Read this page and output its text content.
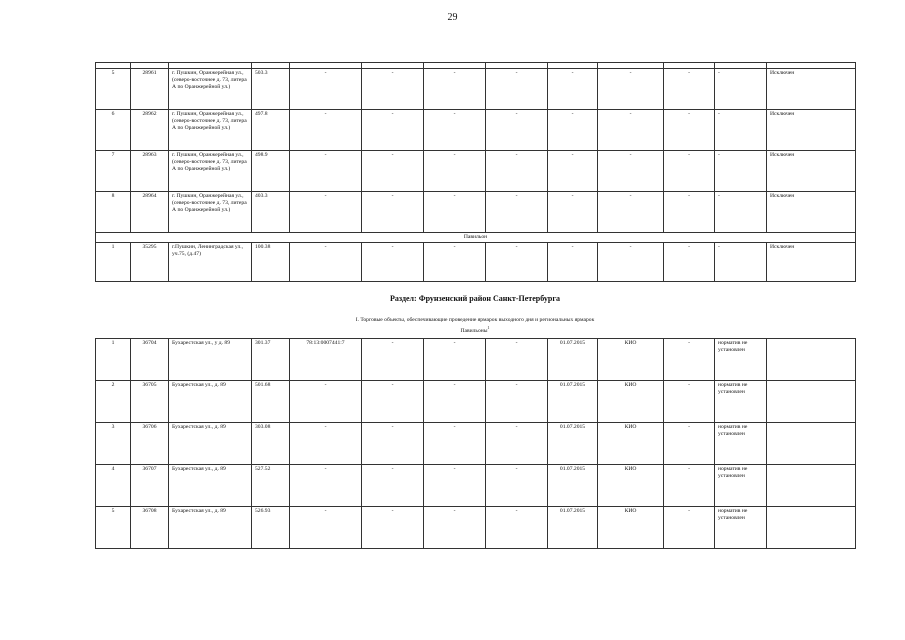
29

5	28961	г. Пушкин, Оранжерейная ул., (северо-восточнее д. 73, литера А по Оранжерейной ул.)	503.3	-	-	-	-	-	-	-	-	Исключен
6	28962	г. Пушкин, Оранжерейная ул., (северо-восточнее д. 73, литера А по Оранжерейной ул.)	497.8	-	-	-	-	-	-	-	-	Исключен
7	28963	г. Пушкин, Оранжерейная ул., (северо-восточнее д. 73, литера А по Оранжерейной ул.)	498.9	-	-	-	-	-	-	-	-	Исключен
8	28964	г. Пушкин, Оранжерейная ул., (северо-восточнее д. 73, литера А по Оранжерейной ул.)	403.3	-	-	-	-	-	-	-	-	Исключен
Павильон												
1	35295	г.Пушкин, Ленинградская ул., уч.75, (д.47)	100.38	-	-	-	-	-	-	-	-	Исключен
Раздел: Фрунзенский район Санкт-Петербурга
I. Торговые объекты, обеспечивающие проведение ярмарок выходного дня и региональных ярмарок
Павильоны$^1$
1	36704	Бухарестская ул., у д. 89	301.37	78:13:0007441:7	-	-	-	01.07.2015	КИО	-	норматив не установлен	
2	36705	Бухарестская ул., д. 89	501.68	-	-	-	-	01.07.2015	КИО	-	норматив не установлен	
3	36706	Бухарестская ул., д. 89	303.08	-	-	-	-	01.07.2015	КИО	-	норматив не установлен	
4	36707	Бухарестская ул., д. 89	527.52	-	-	-	-	01.07.2015	КИО	-	норматив не установлен	
5	36708	Бухарестская ул., д. 89	526.93	-	-	-	-	01.07.2015	КИО	-	норматив не установлен	
